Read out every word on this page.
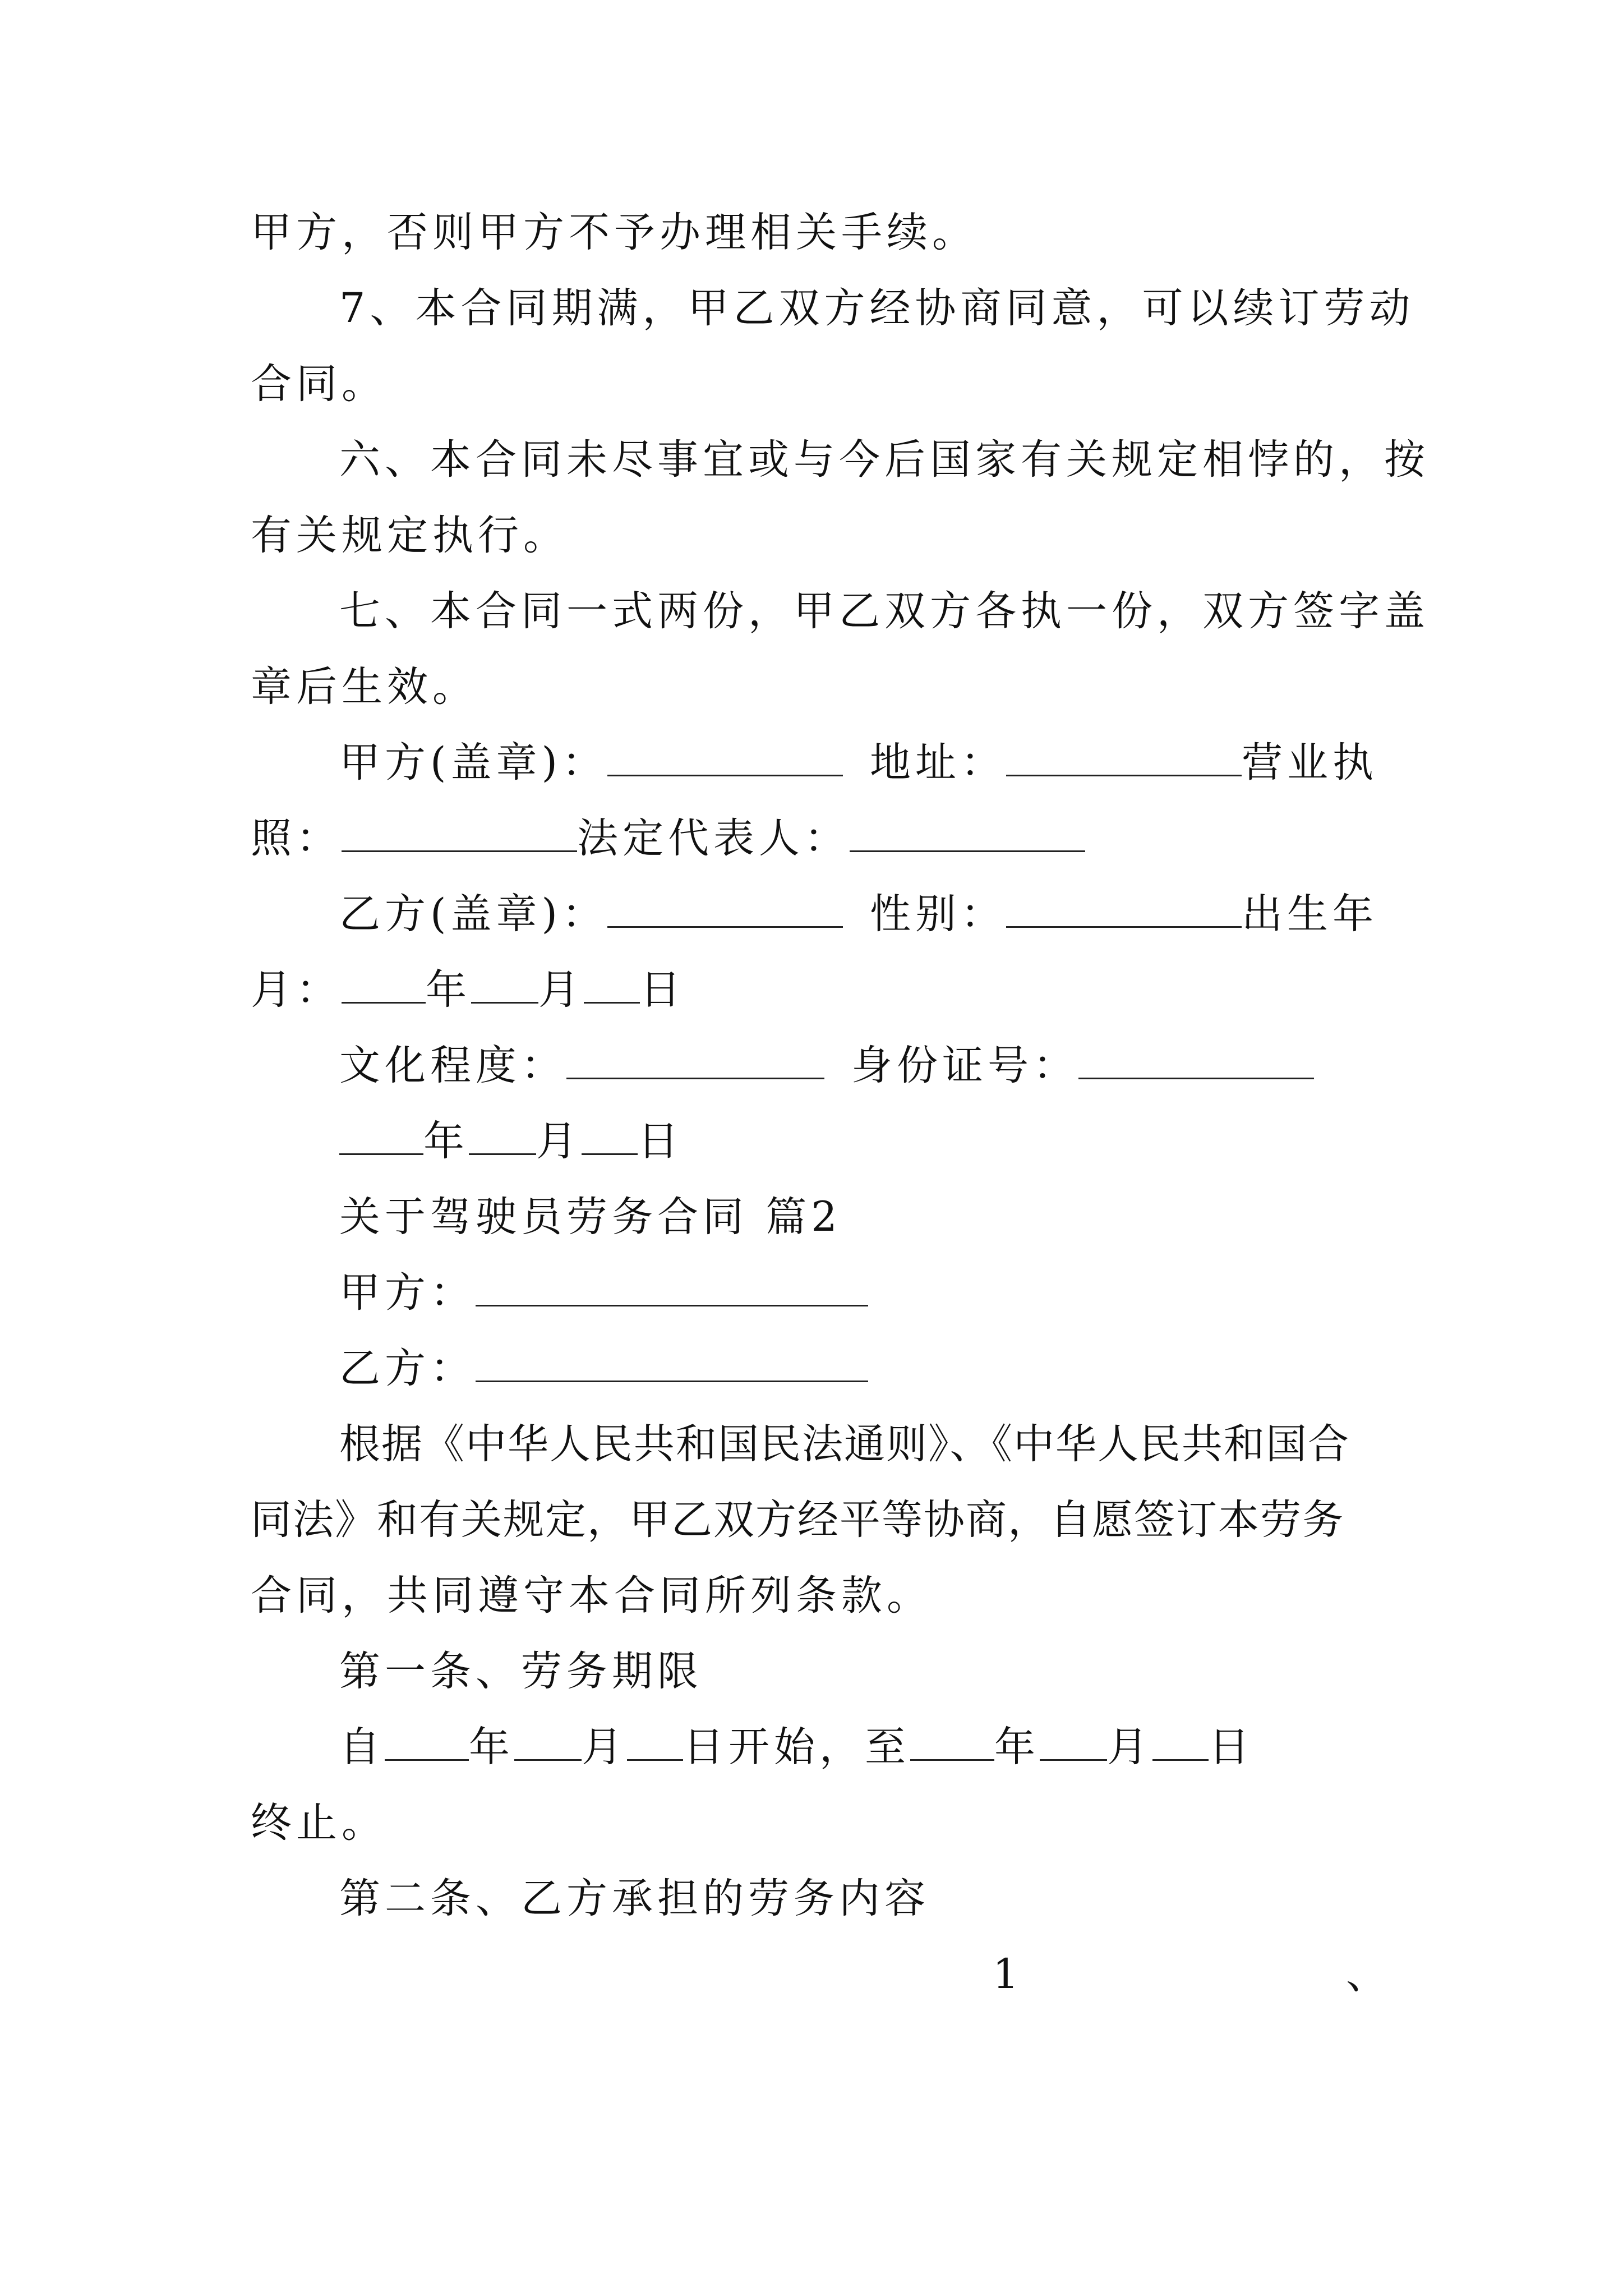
甲方，否则甲方不予办理相关手续。
7、本合同期满，甲乙双方经协商同意，可以续订劳动
合同。
六、本合同未尽事宜或与今后国家有关规定相悖的，按
有关规定执行。
七、本合同一式两份，甲乙双方各执一份，双方签字盖
章后生效。
甲方(盖章)：	地址：	营业执
照：	法定代表人：
乙方(盖章)：	性别：	出生年
月： 年 月 日
文化程度：	身份证号：
年 月 日
关于驾驶员劳务合同 篇2
甲方：
乙方：
根据《中华人民共和国民法通则》、《中华人民共和国合
同法》和有关规定，甲乙双方经平等协商，自愿签订本劳务
合同，共同遵守本合同所列条款。
第一条、劳务期限
自 年 月 日开始，至 年 月 日
终止。
第二条、乙方承担的劳务内容
1	、
